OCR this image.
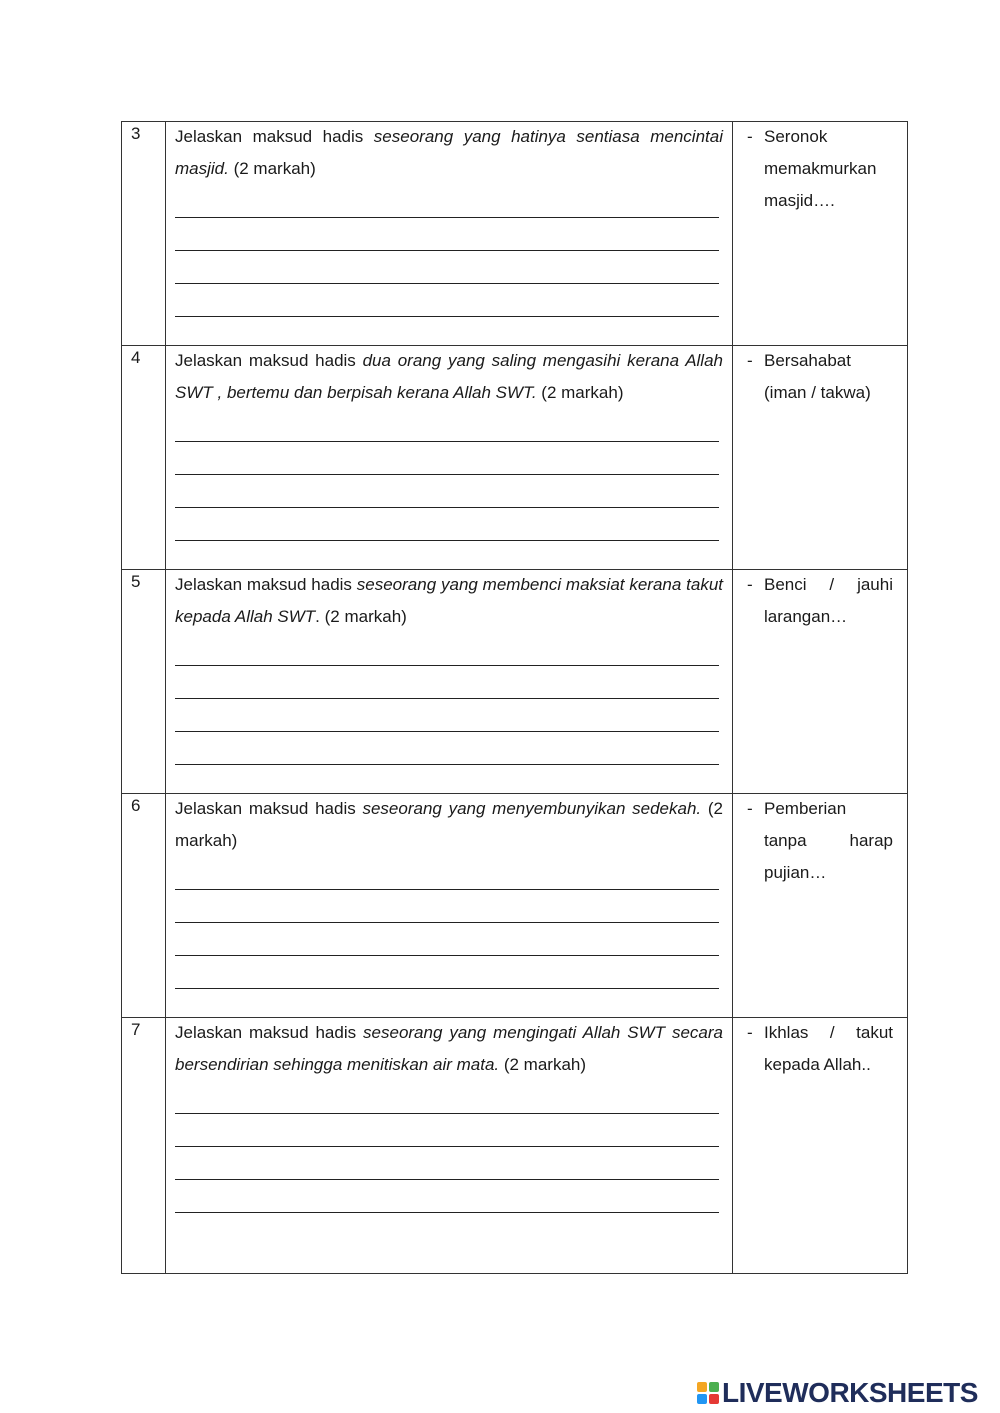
3	Jelaskan maksud hadis seseorang yang hatinya sentiasa mencintai masjid. (2 markah)	- Seronok memakmurkan masjid….

4	Jelaskan maksud hadis dua orang yang saling mengasihi kerana Allah SWT , bertemu dan berpisah kerana Allah SWT. (2 markah)	- Bersahabat (iman / takwa)

5	Jelaskan maksud hadis seseorang yang membenci maksiat kerana takut kepada Allah SWT. (2 markah)	- Benci / jauhi larangan…

6	Jelaskan maksud hadis seseorang yang menyembunyikan sedekah. (2 markah)	- Pemberian tanpa harap pujian…

7	Jelaskan maksud hadis seseorang yang mengingati Allah SWT secara bersendirian sehingga menitiskan air mata. (2 markah)	- Ikhlas / takut kepada Allah..
LIVEWORKSHEETS
